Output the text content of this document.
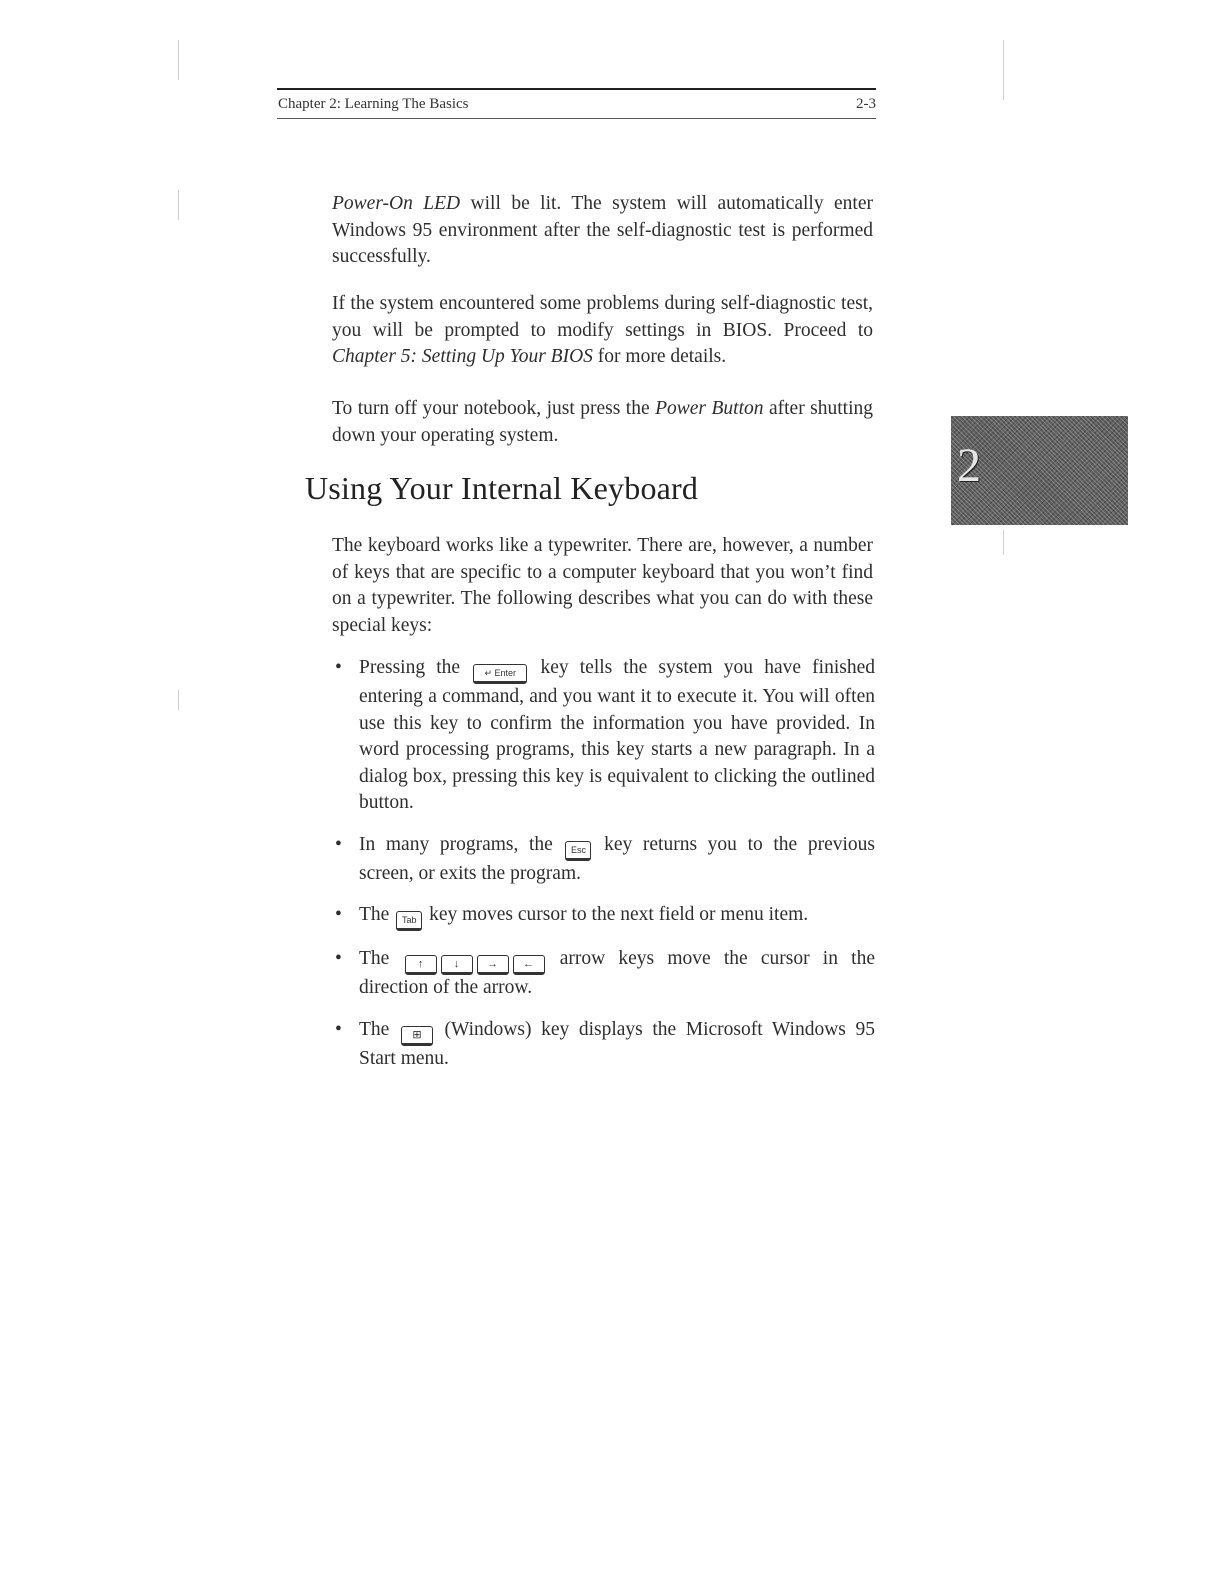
Chapter 2: Learning The Basics	2-3
2

Power-On LED will be lit. The system will automatically enter Windows 95 environment after the self-diagnostic test is performed successfully.

If the system encountered some problems during self-diagnostic test, you will be prompted to modify settings in BIOS. Proceed to Chapter 5: Setting Up Your BIOS for more details.

To turn off your notebook, just press the Power Button after shutting down your operating system.

Using Your Internal Keyboard

The keyboard works like a typewriter. There are, however, a number of keys that are specific to a computer keyboard that you won’t find on a typewriter. The following describes what you can do with these special keys:

• Pressing the ↵ Enter key tells the system you have finished entering a command, and you want it to execute it. You will often use this key to confirm the information you have provided. In word processing programs, this key starts a new paragraph. In a dialog box, pressing this key is equivalent to clicking the outlined button.
• In many programs, the Esc key returns you to the previous screen, or exits the program.
• The Tab key moves cursor to the next field or menu item.
• The ↑	↓	→ ← arrow keys move the cursor in the direction of the arrow.
• The ⊞ (Windows) key displays the Microsoft Windows 95 Start menu.
